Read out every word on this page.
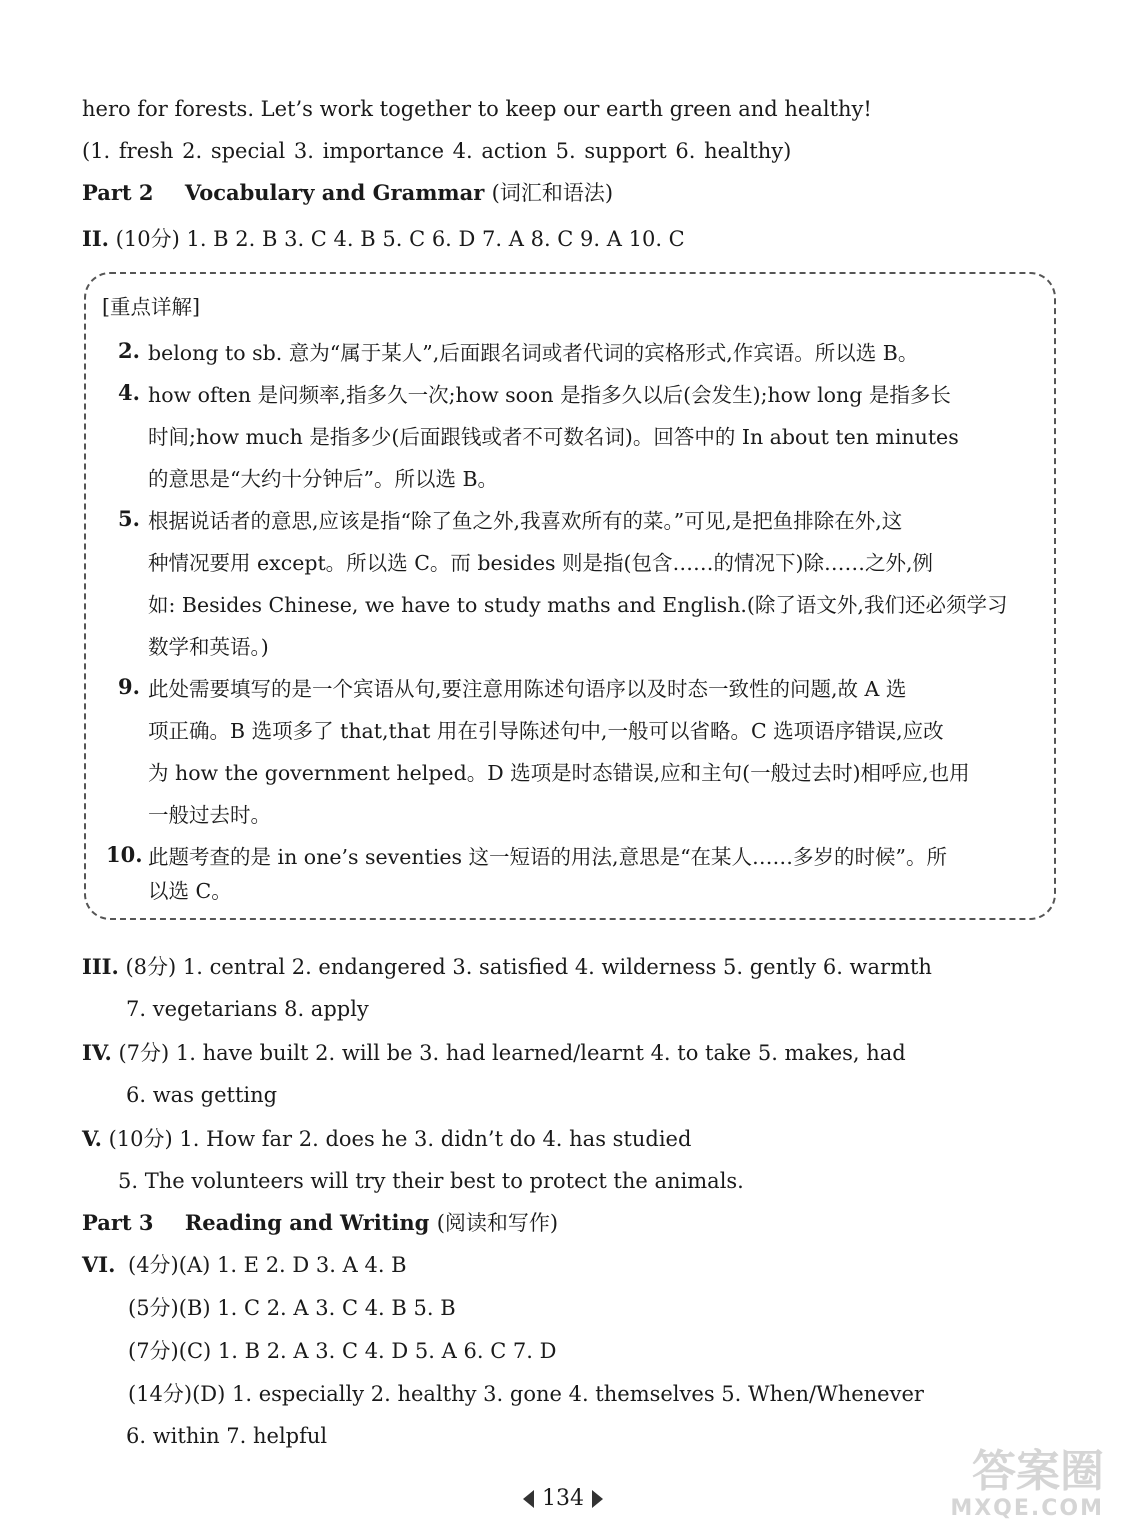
hero for forests. Let’s work together to keep our earth green and healthy!
(1. fresh 2. special 3. importance 4. action 5. support 6. healthy)
Part 2 Vocabulary and Grammar (词汇和语法)
II. (10分) 1. B 2. B 3. C 4. B 5. C 6. D 7. A 8. C 9. A 10. C
[重点详解]
2. belong to sb. 意为“属于某人”,后面跟名词或者代词的宾格形式,作宾语。所以选 B。
4. how often 是问频率,指多久一次;how soon 是指多久以后(会发生);how long 是指多长
时间;how much 是指多少(后面跟钱或者不可数名词)。回答中的 In about ten minutes
的意思是“大约十分钟后”。所以选 B。
5. 根据说话者的意思,应该是指“除了鱼之外,我喜欢所有的菜。”可见,是把鱼排除在外,这
种情况要用 except。所以选 C。而 besides 则是指(包含……的情况下)除……之外,例
如: Besides Chinese, we have to study maths and English.(除了语文外,我们还必须学习
数学和英语。)
9. 此处需要填写的是一个宾语从句,要注意用陈述句语序以及时态一致性的问题,故 A 选
项正确。B 选项多了 that,that 用在引导陈述句中,一般可以省略。C 选项语序错误,应改
为 how the government helped。D 选项是时态错误,应和主句(一般过去时)相呼应,也用
一般过去时。
10. 此题考查的是 in one’s seventies 这一短语的用法,意思是“在某人……多岁的时候”。所
以选 C。
III. (8分) 1. central 2. endangered 3. satisfied 4. wilderness 5. gently 6. warmth
7. vegetarians 8. apply
IV. (7分) 1. have built 2. will be 3. had learned/learnt 4. to take 5. makes, had
6. was getting
V. (10分) 1. How far 2. does he 3. didn’t do 4. has studied
5. The volunteers will try their best to protect the animals.
Part 3 Reading and Writing (阅读和写作)
VI. (4分)(A) 1. E 2. D 3. A 4. B
(5分)(B) 1. C 2. A 3. C 4. B 5. B
(7分)(C) 1. B 2. A 3. C 4. D 5. A 6. C 7. D
(14分)(D) 1. especially 2. healthy 3. gone 4. themselves 5. When/Whenever
6. within 7. helpful
134
答案圈
MXQE.COM
